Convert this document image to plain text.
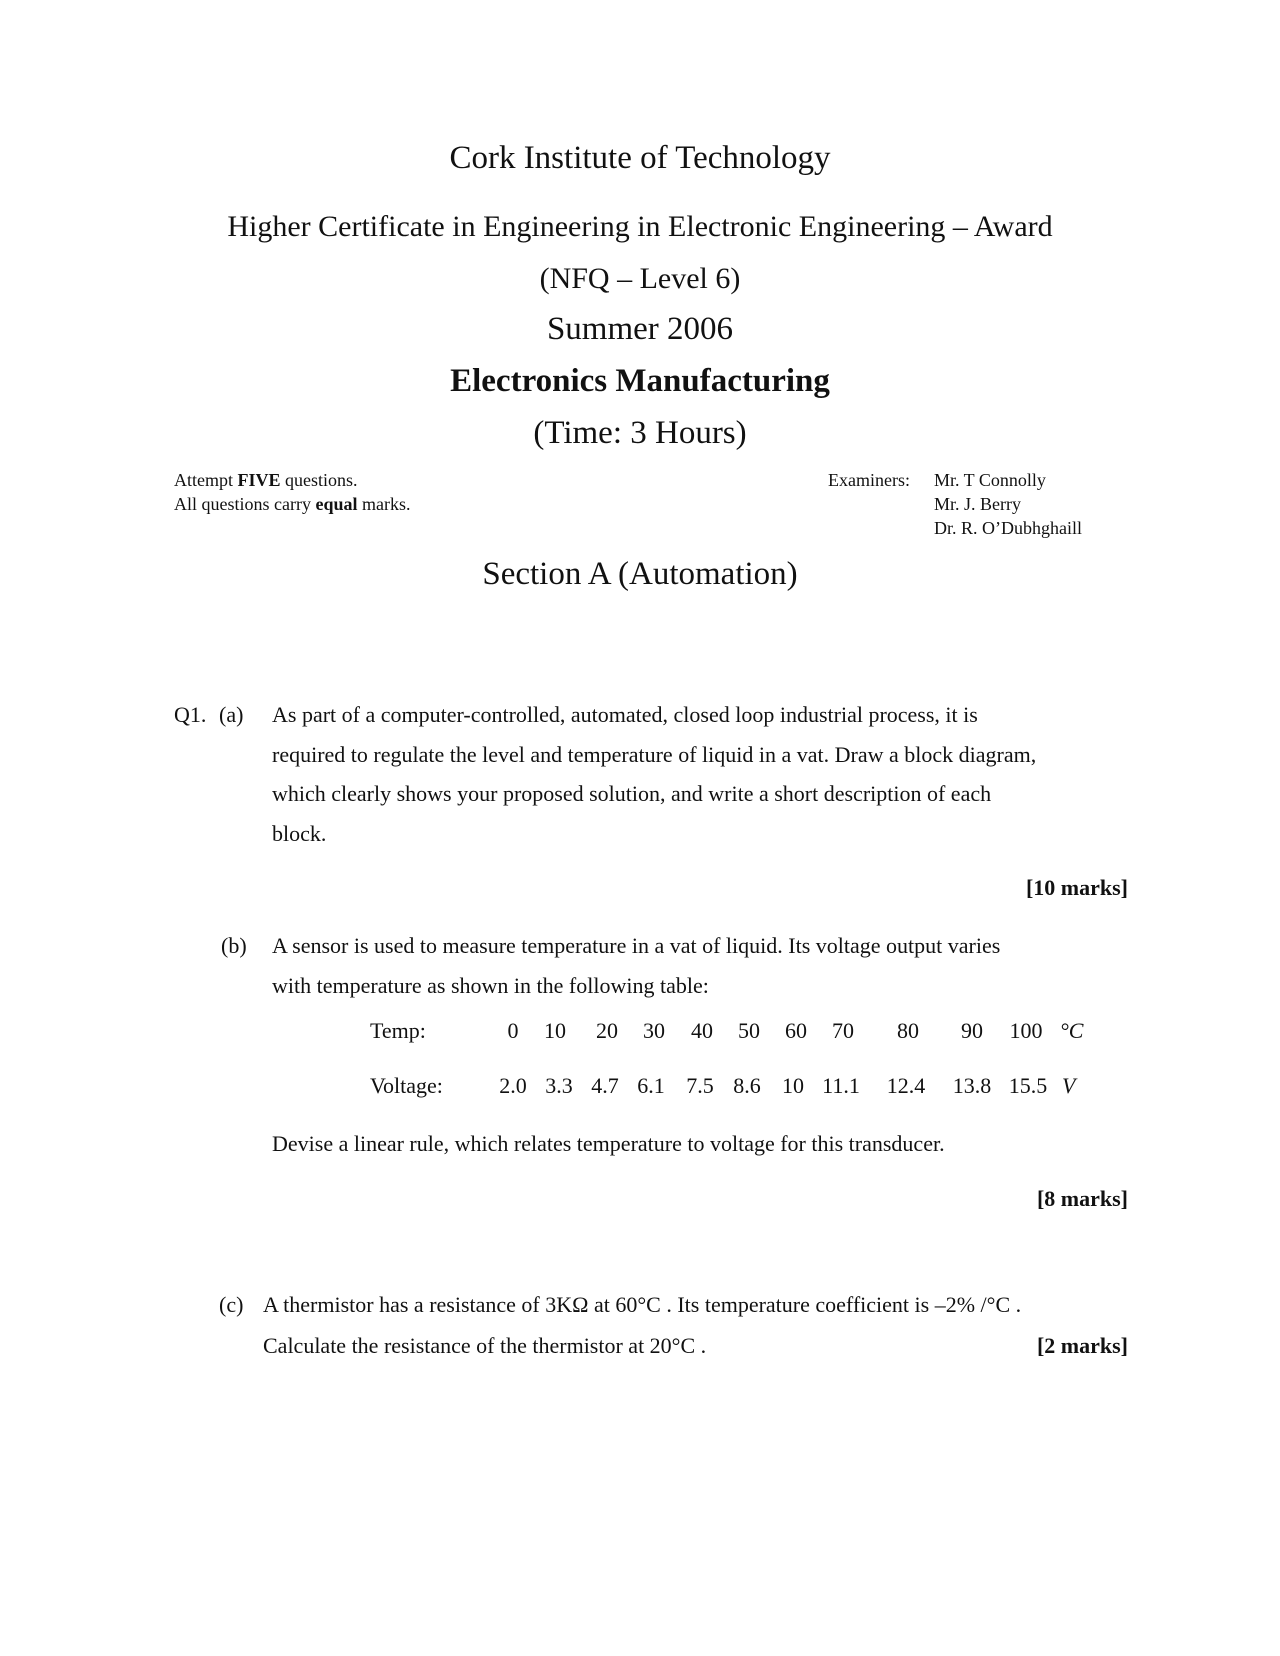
Cork Institute of Technology
Higher Certificate in Engineering in Electronic Engineering – Award
(NFQ – Level 6)
Summer 2006
Electronics Manufacturing
(Time: 3 Hours)
Attempt FIVE questions.
All questions carry equal marks.
Examiners: Mr. T Connolly
Mr. J. Berry
Dr. R. O’Dubhghaill
Section A (Automation)
Q1. (a) As part of a computer-controlled, automated, closed loop industrial process, it is
required to regulate the level and temperature of liquid in a vat. Draw a block diagram,
which clearly shows your proposed solution, and write a short description of each
block.
[10 marks]
(b) A sensor is used to measure temperature in a vat of liquid. Its voltage output varies
with temperature as shown in the following table:
Temp:	0	10	20	30	40	50	60	70	80	90	100 °C
Voltage:	2.0 3.3 4.7 6.1 7.5 8.6 10 11.1	12.4	13.8 15.5 V
Devise a linear rule, which relates temperature to voltage for this transducer.
[8 marks]
(c) A thermistor has a resistance of 3KΩ at 60°C . Its temperature coefficient is –2% /°C .
Calculate the resistance of the thermistor at 20°C .	[2 marks]
